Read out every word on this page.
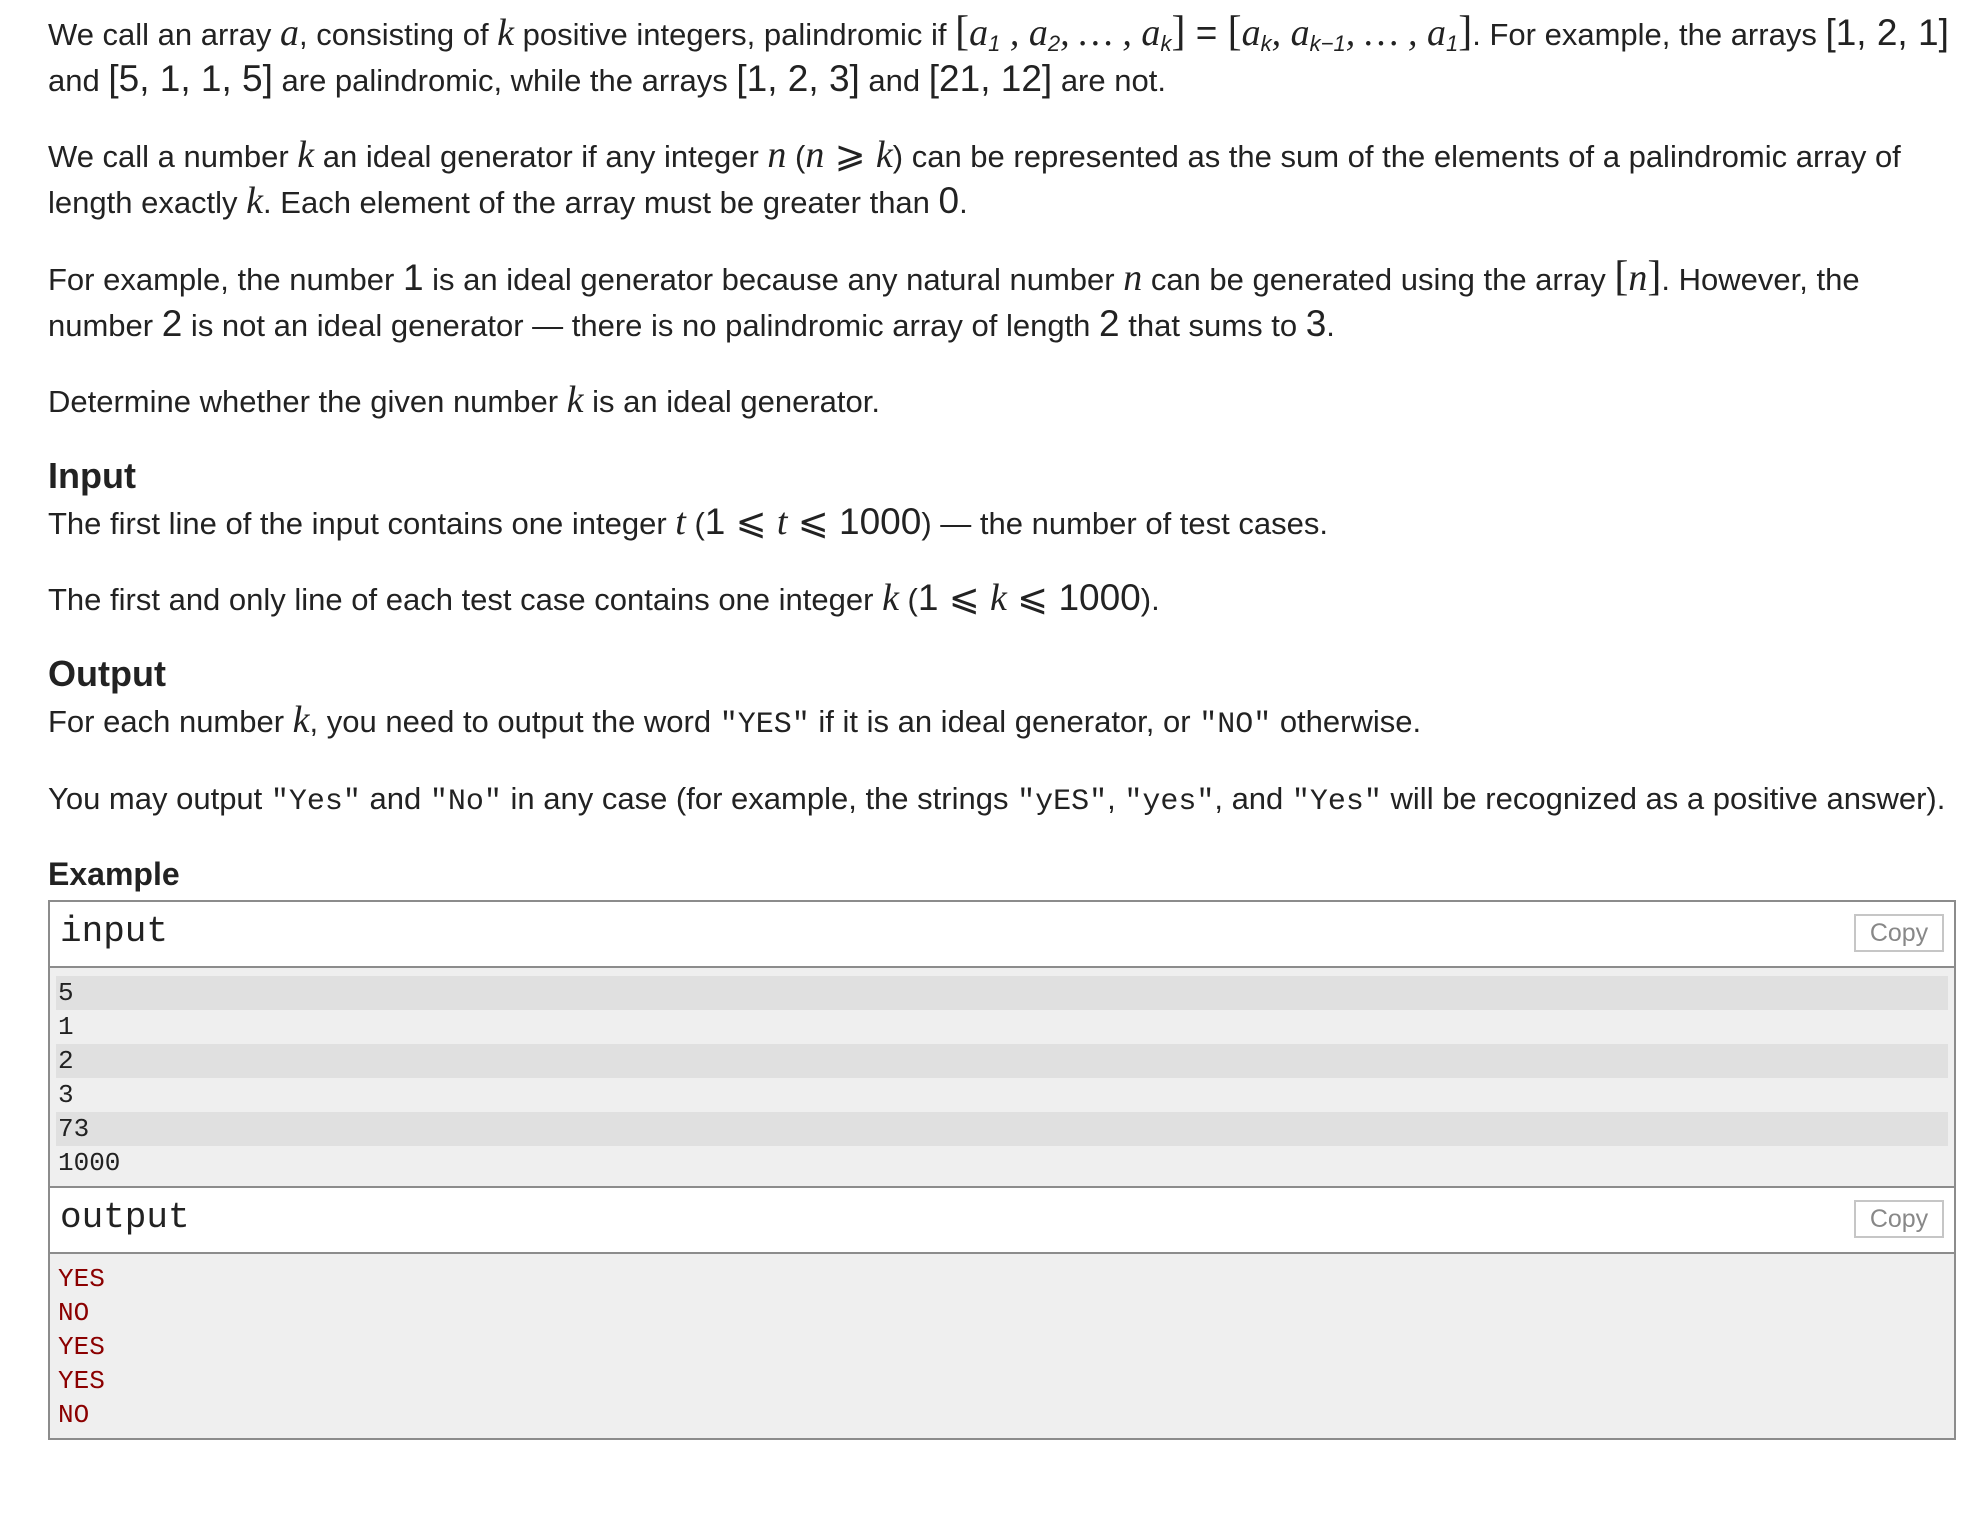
We call an array a, consisting of k positive integers, palindromic if [$a_1$ , $a_2$, … , $a_k] = [a_k$, $a_{k-1}$, … , $a_1$]. For example, the arrays [1, 2, 1]
and [5, 1, 1, 5] are palindromic, while the arrays [1, 2, 3] and [21, 12] are not.

We call a number k an ideal generator if any integer n (n ⩾ k) can be represented as the sum of the elements of a palindromic array of length exactly k. Each element of the array must be greater than 0.

For example, the number 1 is an ideal generator because any natural number n can be generated using the array [n]. However, the number 2 is not an ideal generator — there is no palindromic array of length 2 that sums to 3.

Determine whether the given number k is an ideal generator.

Input

The first line of the input contains one integer t (1 ⩽ t ⩽ 1000) — the number of test cases.

The first and only line of each test case contains one integer k (1 ⩽ k ⩽ 1000).

Output

For each number k, you need to output the word "YES" if it is an ideal generator, or "NO" otherwise.

You may output "Yes" and "No" in any case (for example, the strings "yES", "yes", and "Yes" will be recognized as a positive answer).

Example
input	Copy
5
1
2
3
73
1000
output	Copy
YES
NO
YES
YES
NO
